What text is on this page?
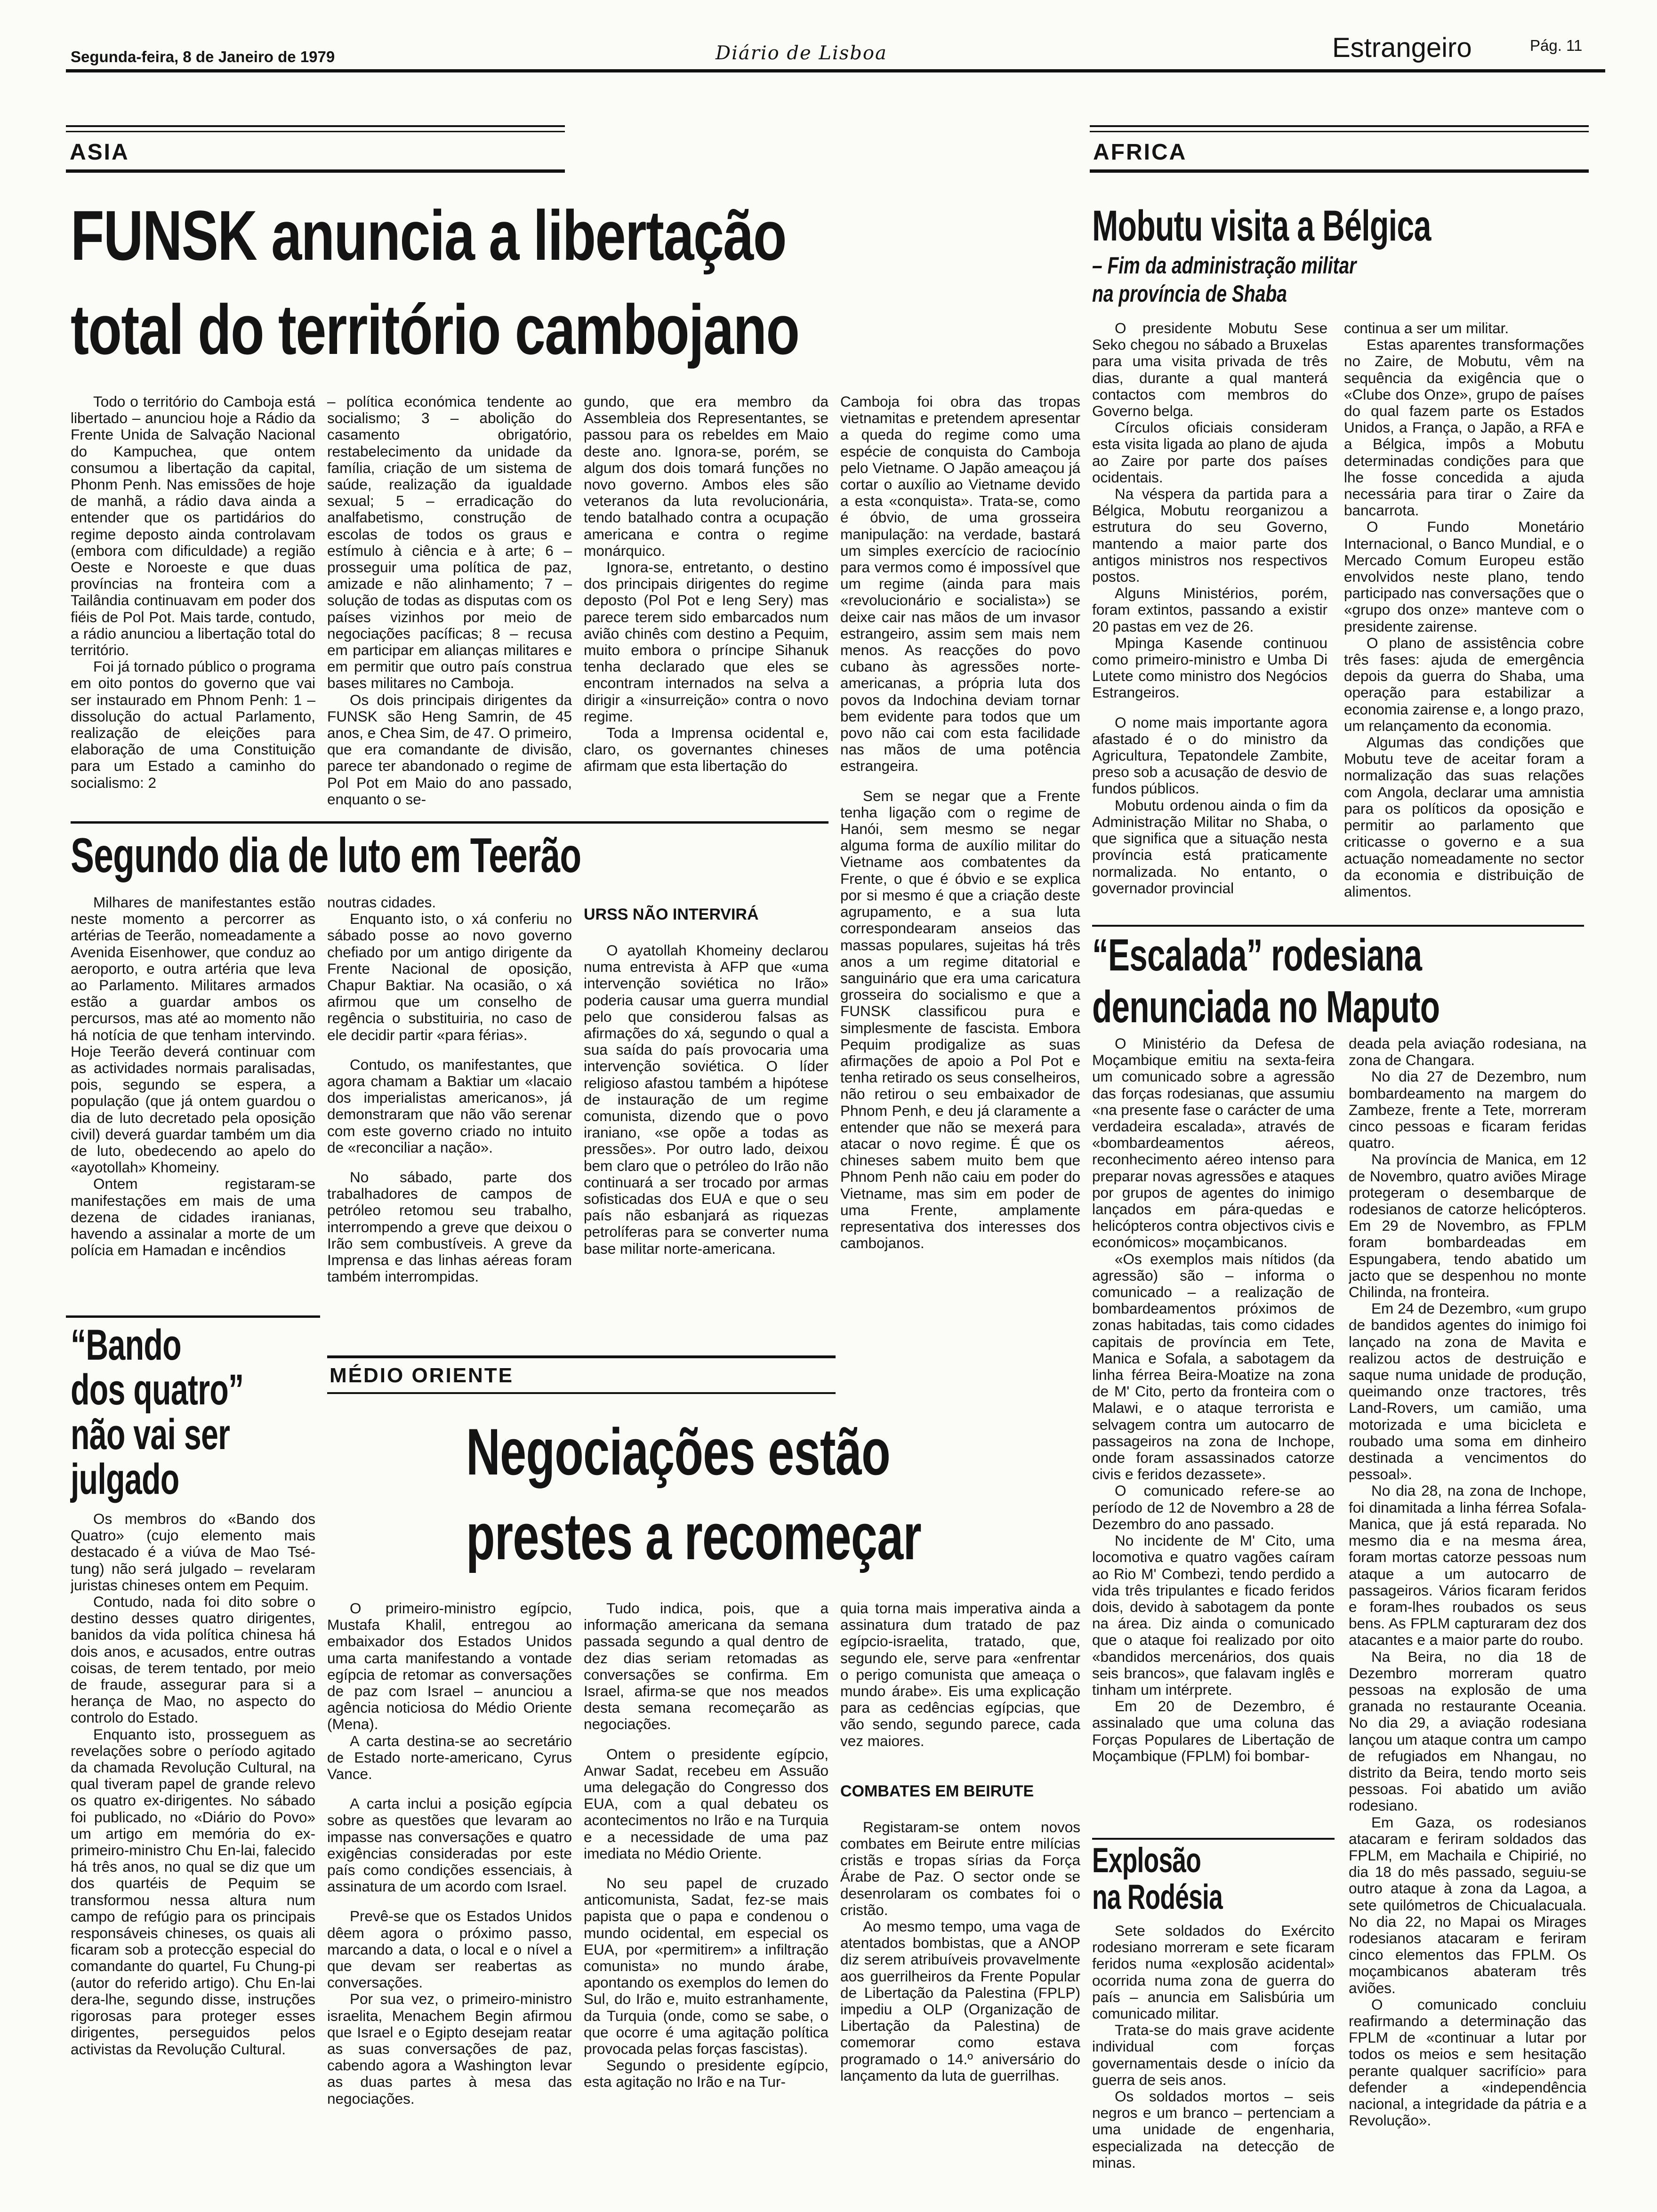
Segunda-feira, 8 de Janeiro de 1979	Diário de Lisboa	Estrangeiro	Pág. 11
ASIA	AFRICA
FUNSK anuncia a libertação
total do território cambojano

Todo o território do Camboja está libertado – anunciou hoje a Rádio da Frente Unida de Salvação Nacional do Kampuchea, que ontem consumou a libertação da capital, Phonm Penh. Nas emissões de hoje de manhã, a rádio dava ainda a entender que os partidários do regime deposto ainda controlavam (embora com dificuldade) a região Oeste e Noroeste e que duas províncias na fronteira com a Tailândia continuavam em poder dos fiéis de Pol Pot. Mais tarde, contudo, a rádio anunciou a libertação total do território.

Foi já tornado público o programa em oito pontos do governo que vai ser instaurado em Phnom Penh: 1 – dissolução do actual Parlamento, realização de eleições para elaboração de uma Constituição para um Estado a caminho do socialismo: 2

– política económica tendente ao socialismo; 3 – abolição do casamento obrigatório, restabelecimento da unidade da família, criação de um sistema de saúde, realização da igualdade sexual; 5 – erradicação do analfabetismo, construção de escolas de todos os graus e estímulo à ciência e à arte; 6 – prosseguir uma política de paz, amizade e não alinhamento; 7 – solução de todas as disputas com os países vizinhos por meio de negociações pacíficas; 8 – recusa em participar em alianças militares e em permitir que outro país construa bases militares no Camboja.

Os dois principais dirigentes da FUNSK são Heng Samrin, de 45 anos, e Chea Sim, de 47. O primeiro, que era comandante de divisão, parece ter abandonado o regime de Pol Pot em Maio do ano passado, enquanto o se-

gundo, que era membro da Assembleia dos Representantes, se passou para os rebeldes em Maio deste ano. Ignora-se, porém, se algum dos dois tomará funções no novo governo. Ambos eles são veteranos da luta revolucionária, tendo batalhado contra a ocupação americana e contra o regime monárquico.

Ignora-se, entretanto, o destino dos principais dirigentes do regime deposto (Pol Pot e Ieng Sery) mas parece terem sido embarcados num avião chinês com destino a Pequim, muito embora o príncipe Sihanuk tenha declarado que eles se encontram internados na selva a dirigir a «insurreição» contra o novo regime.

Toda a Imprensa ocidental e, claro, os governantes chineses afirmam que esta libertação do

Camboja foi obra das tropas vietnamitas e pretendem apresentar a queda do regime como uma espécie de conquista do Camboja pelo Vietname. O Japão ameaçou já cortar o auxílio ao Vietname devido a esta «conquista». Trata-se, como é óbvio, de uma grosseira manipulação: na verdade, bastará um simples exercício de raciocínio para vermos como é impossível que um regime (ainda para mais «revolucionário e socialista») se deixe cair nas mãos de um invasor estrangeiro, assim sem mais nem menos. As reacções do povo cubano às agressões norte-americanas, a própria luta dos povos da Indochina deviam tornar bem evidente para todos que um povo não cai com esta facilidade nas mãos de uma potência estrangeira.

Sem se negar que a Frente tenha ligação com o regime de Hanói, sem mesmo se negar alguma forma de auxílio militar do Vietname aos combatentes da Frente, o que é óbvio e se explica por si mesmo é que a criação deste agrupamento, e a sua luta correspondearam anseios das massas populares, sujeitas há três anos a um regime ditatorial e sanguinário que era uma caricatura grosseira do socialismo e que a FUNSK classificou pura e simplesmente de fascista. Embora Pequim prodigalize as suas afirmações de apoio a Pol Pot e tenha retirado os seus conselheiros, não retirou o seu embaixador de Phnom Penh, e deu já claramente a entender que não se mexerá para atacar o novo regime. É que os chineses sabem muito bem que Phnom Penh não caiu em poder do Vietname, mas sim em poder de uma Frente, amplamente representativa dos interesses dos cambojanos.

Segundo dia de luto em Teerão

Milhares de manifestantes estão neste momento a percorrer as artérias de Teerão, nomeadamente a Avenida Eisenhower, que conduz ao aeroporto, e outra artéria que leva ao Parlamento. Militares armados estão a guardar ambos os percursos, mas até ao momento não há notícia de que tenham intervindo. Hoje Teerão deverá continuar com as actividades normais paralisadas, pois, segundo se espera, a população (que já ontem guardou o dia de luto decretado pela oposição civil) deverá guardar também um dia de luto, obedecendo ao apelo do «ayotollah» Khomeiny.

Ontem registaram-se manifestações em mais de uma dezena de cidades iranianas, havendo a assinalar a morte de um polícia em Hamadan e incêndios

noutras cidades.

Enquanto isto, o xá conferiu no sábado posse ao novo governo chefiado por um antigo dirigente da Frente Nacional de oposição, Chapur Baktiar. Na ocasião, o xá afirmou que um conselho de regência o substituiria, no caso de ele decidir partir «para férias».

Contudo, os manifestantes, que agora chamam a Baktiar um «lacaio dos imperialistas americanos», já demonstraram que não vão serenar com este governo criado no intuito de «reconciliar a nação».

No sábado, parte dos trabalhadores de campos de petróleo retomou seu trabalho, interrompendo a greve que deixou o Irão sem combustíveis. A greve da Imprensa e das linhas aéreas foram também interrompidas.

URSS NÃO INTERVIRÁ

O ayatollah Khomeiny declarou numa entrevista à AFP que «uma intervenção soviética no Irão» poderia causar uma guerra mundial pelo que considerou falsas as afirmações do xá, segundo o qual a sua saída do país provocaria uma intervenção soviética. O líder religioso afastou também a hipótese de instauração de um regime comunista, dizendo que o povo iraniano, «se opõe a todas as pressões». Por outro lado, deixou bem claro que o petróleo do Irão não continuará a ser trocado por armas sofisticadas dos EUA e que o seu país não esbanjará as riquezas petrolíferas para se converter numa base militar norte-americana.

Mobutu visita a Bélgica
– Fim da administração militar
na província de Shaba

O presidente Mobutu Sese Seko chegou no sábado a Bruxelas para uma visita privada de três dias, durante a qual manterá contactos com membros do Governo belga.

Círculos oficiais consideram esta visita ligada ao plano de ajuda ao Zaire por parte dos países ocidentais.

Na véspera da partida para a Bélgica, Mobutu reorganizou a estrutura do seu Governo, mantendo a maior parte dos antigos ministros nos respectivos postos.

Alguns Ministérios, porém, foram extintos, passando a existir 20 pastas em vez de 26.

Mpinga Kasende continuou como primeiro-ministro e Umba Di Lutete como ministro dos Negócios Estrangeiros.

O nome mais importante agora afastado é o do ministro da Agricultura, Tepatondele Zambite, preso sob a acusação de desvio de fundos públicos.

Mobutu ordenou ainda o fim da Administração Militar no Shaba, o que significa que a situação nesta província está praticamente normalizada. No entanto, o governador provincial

continua a ser um militar.

Estas aparentes transformações no Zaire, de Mobutu, vêm na sequência da exigência que o «Clube dos Onze», grupo de países do qual fazem parte os Estados Unidos, a França, o Japão, a RFA e a Bélgica, impôs a Mobutu determinadas condições para que lhe fosse concedida a ajuda necessária para tirar o Zaire da bancarrota.

O Fundo Monetário Internacional, o Banco Mundial, e o Mercado Comum Europeu estão envolvidos neste plano, tendo participado nas conversações que o «grupo dos onze» manteve com o presidente zairense.

O plano de assistência cobre três fases: ajuda de emergência depois da guerra do Shaba, uma operação para estabilizar a economia zairense e, a longo prazo, um relançamento da economia.

Algumas das condições que Mobutu teve de aceitar foram a normalização das suas relações com Angola, declarar uma amnistia para os políticos da oposição e permitir ao parlamento que criticasse o governo e a sua actuação nomeadamente no sector da economia e distribuição de alimentos.

“Escalada” rodesiana
denunciada no Maputo

O Ministério da Defesa de Moçambique emitiu na sexta-feira um comunicado sobre a agressão das forças rodesianas, que assumiu «na presente fase o carácter de uma verdadeira escalada», através de «bombardeamentos aéreos, reconhecimento aéreo intenso para preparar novas agressões e ataques por grupos de agentes do inimigo lançados em pára-quedas e helicópteros contra objectivos civis e económicos» moçambicanos.

«Os exemplos mais nítidos (da agressão) são – informa o comunicado – a realização de bombardeamentos próximos de zonas habitadas, tais como cidades capitais de província em Tete, Manica e Sofala, a sabotagem da linha férrea Beira-Moatize na zona de M' Cito, perto da fronteira com o Malawi, e o ataque terrorista e selvagem contra um autocarro de passageiros na zona de Inchope, onde foram assassinados catorze civis e feridos dezassete».

O comunicado refere-se ao período de 12 de Novembro a 28 de Dezembro do ano passado.

No incidente de M' Cito, uma locomotiva e quatro vagões caíram ao Rio M' Combezi, tendo perdido a vida três tripulantes e ficado feridos dois, devido à sabotagem da ponte na área. Diz ainda o comunicado que o ataque foi realizado por oito «bandidos mercenários, dos quais seis brancos», que falavam inglês e tinham um intérprete.

Em 20 de Dezembro, é assinalado que uma coluna das Forças Populares de Libertação de Moçambique (FPLM) foi bombar-

deada pela aviação rodesiana, na zona de Changara.

No dia 27 de Dezembro, num bombardeamento na margem do Zambeze, frente a Tete, morreram cinco pessoas e ficaram feridas quatro.

Na província de Manica, em 12 de Novembro, quatro aviões Mirage protegeram o desembarque de rodesianos de catorze helicópteros. Em 29 de Novembro, as FPLM foram bombardeadas em Espungabera, tendo abatido um jacto que se despenhou no monte Chilinda, na fronteira.

Em 24 de Dezembro, «um grupo de bandidos agentes do inimigo foi lançado na zona de Mavita e realizou actos de destruição e saque numa unidade de produção, queimando onze tractores, três Land-Rovers, um camião, uma motorizada e uma bicicleta e roubado uma soma em dinheiro destinada a vencimentos do pessoal».

No dia 28, na zona de Inchope, foi dinamitada a linha férrea Sofala-Manica, que já está reparada. No mesmo dia e na mesma área, foram mortas catorze pessoas num ataque a um autocarro de passageiros. Vários ficaram feridos e foram-lhes roubados os seus bens. As FPLM capturaram dez dos atacantes e a maior parte do roubo.

Na Beira, no dia 18 de Dezembro morreram quatro pessoas na explosão de uma granada no restaurante Oceania. No dia 29, a aviação rodesiana lançou um ataque contra um campo de refugiados em Nhangau, no distrito da Beira, tendo morto seis pessoas. Foi abatido um avião rodesiano.

Em Gaza, os rodesianos atacaram e feriram soldados das FPLM, em Machaila e Chipirié, no dia 18 do mês passado, seguiu-se outro ataque à zona da Lagoa, a sete quilómetros de Chicualacuala. No dia 22, no Mapai os Mirages rodesianos atacaram e feriram cinco elementos das FPLM. Os moçambicanos abateram três aviões.

O comunicado concluiu reafirmando a determinação das FPLM de «continuar a lutar por todos os meios e sem hesitação perante qualquer sacrifício» para defender a «independência nacional, a integridade da pátria e a Revolução».

Explosão
na Rodésia

Sete soldados do Exército rodesiano morreram e sete ficaram feridos numa «explosão acidental» ocorrida numa zona de guerra do país – anuncia em Salisbúria um comunicado militar.

Trata-se do mais grave acidente individual com forças governamentais desde o início da guerra de seis anos.

Os soldados mortos – seis negros e um branco – pertenciam a uma unidade de engenharia, especializada na detecção de minas.

“Bando
dos quatro”
não vai ser
julgado

Os membros do «Bando dos Quatro» (cujo elemento mais destacado é a viúva de Mao Tsé-tung) não será julgado – revelaram juristas chineses ontem em Pequim.

Contudo, nada foi dito sobre o destino desses quatro dirigentes, banidos da vida política chinesa há dois anos, e acusados, entre outras coisas, de terem tentado, por meio de fraude, assegurar para si a herança de Mao, no aspecto do controlo do Estado.

Enquanto isto, prosseguem as revelações sobre o período agitado da chamada Revolução Cultural, na qual tiveram papel de grande relevo os quatro ex-dirigentes. No sábado foi publicado, no «Diário do Povo» um artigo em memória do ex-primeiro-ministro Chu En-lai, falecido há três anos, no qual se diz que um dos quartéis de Pequim se transformou nessa altura num campo de refúgio para os principais responsáveis chineses, os quais ali ficaram sob a protecção especial do comandante do quartel, Fu Chung-pi (autor do referido artigo). Chu En-lai dera-lhe, segundo disse, instruções rigorosas para proteger esses dirigentes, perseguidos pelos activistas da Revolução Cultural.

MÉDIO ORIENTE
Negociações estão
prestes a recomeçar

O primeiro-ministro egípcio, Mustafa Khalil, entregou ao embaixador dos Estados Unidos uma carta manifestando a vontade egípcia de retomar as conversações de paz com Israel – anunciou a agência noticiosa do Médio Oriente (Mena).

A carta destina-se ao secretário de Estado norte-americano, Cyrus Vance.

A carta inclui a posição egípcia sobre as questões que levaram ao impasse nas conversações e quatro exigências consideradas por este país como condições essenciais, à assinatura de um acordo com Israel.

Prevê-se que os Estados Unidos dêem agora o próximo passo, marcando a data, o local e o nível a que devam ser reabertas as conversações.

Por sua vez, o primeiro-ministro israelita, Menachem Begin afirmou que Israel e o Egipto desejam reatar as suas conversações de paz, cabendo agora a Washington levar as duas partes à mesa das negociações.

Tudo indica, pois, que a informação americana da semana passada segundo a qual dentro de dez dias seriam retomadas as conversações se confirma. Em Israel, afirma-se que nos meados desta semana recomeçarão as negociações.

Ontem o presidente egípcio, Anwar Sadat, recebeu em Assuão uma delegação do Congresso dos EUA, com a qual debateu os acontecimentos no Irão e na Turquia e a necessidade de uma paz imediata no Médio Oriente.

No seu papel de cruzado anticomunista, Sadat, fez-se mais papista que o papa e condenou o mundo ocidental, em especial os EUA, por «permitirem» a infiltração comunista» no mundo árabe, apontando os exemplos do Iemen do Sul, do Irão e, muito estranhamente, da Turquia (onde, como se sabe, o que ocorre é uma agitação política provocada pelas forças fascistas).

Segundo o presidente egípcio, esta agitação no Irão e na Tur-

quia torna mais imperativa ainda a assinatura dum tratado de paz egípcio-israelita, tratado, que, segundo ele, serve para «enfrentar o perigo comunista que ameaça o mundo árabe». Eis uma explicação para as cedências egípcias, que vão sendo, segundo parece, cada vez maiores.

COMBATES EM BEIRUTE

Registaram-se ontem novos combates em Beirute entre milícias cristãs e tropas sírias da Força Árabe de Paz. O sector onde se desenrolaram os combates foi o cristão.

Ao mesmo tempo, uma vaga de atentados bombistas, que a ANOP diz serem atribuíveis provavelmente aos guerrilheiros da Frente Popular de Libertação da Palestina (FPLP) impediu a OLP (Organização de Libertação da Palestina) de comemorar como estava programado o 14.º aniversário do lançamento da luta de guerrilhas.
